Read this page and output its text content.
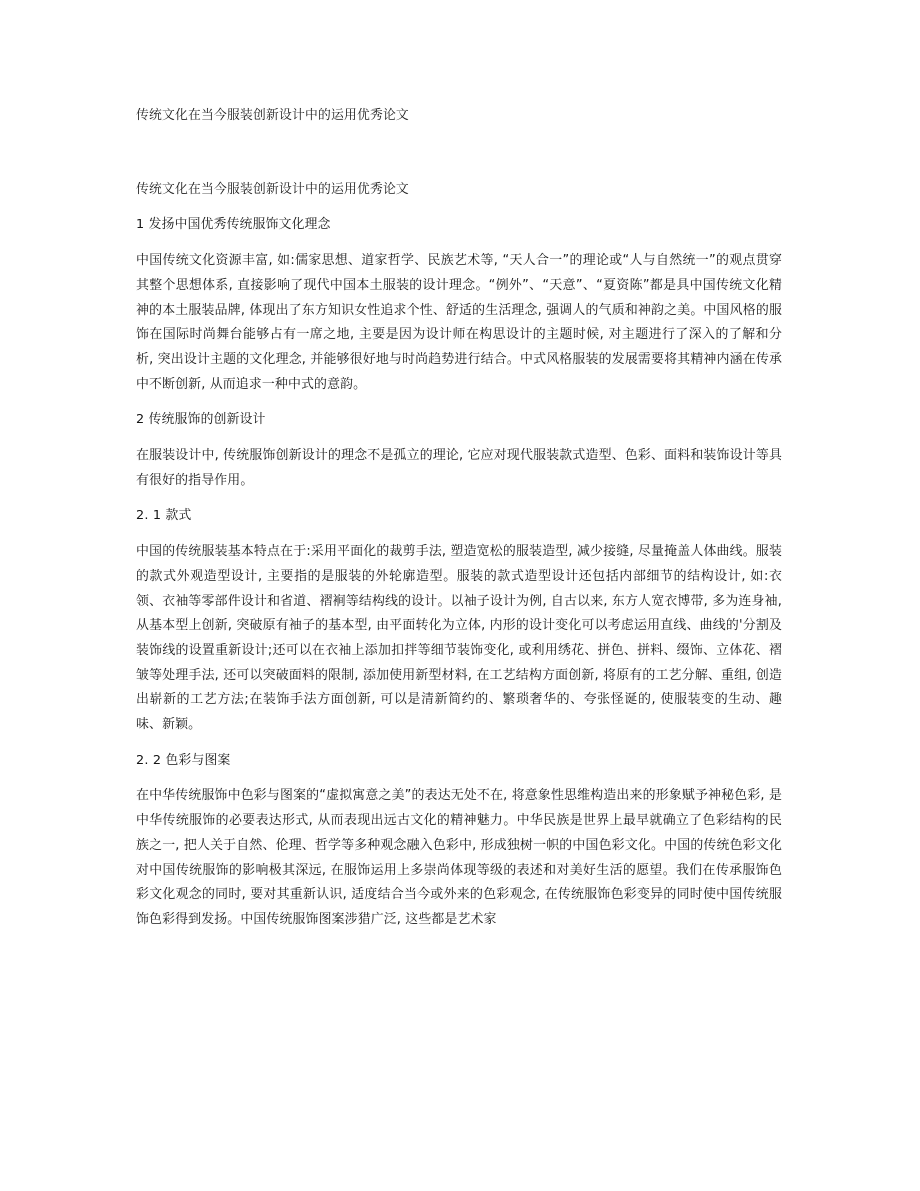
传统文化在当今服装创新设计中的运用优秀论文
传统文化在当今服装创新设计中的运用优秀论文
1 发扬中国优秀传统服饰文化理念

中国传统文化资源丰富, 如:儒家思想、道家哲学、民族艺术等, “天人合一”的理论或“人与自然统一”的观点贯穿其整个思想体系, 直接影响了现代中国本土服装的设计理念。“例外”、“天意”、“夏资陈”都是具中国传统文化精神的本土服装品牌, 体现出了东方知识女性追求个性、舒适的生活理念, 强调人的气质和神韵之美。中国风格的服饰在国际时尚舞台能够占有一席之地, 主要是因为设计师在构思设计的主题时候, 对主题进行了深入的了解和分析, 突出设计主题的文化理念, 并能够很好地与时尚趋势进行结合。中式风格服装的发展需要将其精神内涵在传承中不断创新, 从而追求一种中式的意韵。

2 传统服饰的创新设计

在服装设计中, 传统服饰创新设计的理念不是孤立的理论, 它应对现代服装款式造型、色彩、面料和装饰设计等具有很好的指导作用。

2. 1 款式

中国的传统服装基本特点在于:采用平面化的裁剪手法, 塑造宽松的服装造型, 减少接缝, 尽量掩盖人体曲线。服装的款式外观造型设计, 主要指的是服装的外轮廓造型。服装的款式造型设计还包括内部细节的结构设计, 如:衣领、衣袖等零部件设计和省道、褶裥等结构线的设计。以袖子设计为例, 自古以来, 东方人宽衣博带, 多为连身袖, 从基本型上创新, 突破原有袖子的基本型, 由平面转化为立体, 内形的设计变化可以考虑运用直线、曲线的'分割及装饰线的设置重新设计;还可以在衣袖上添加扣拌等细节装饰变化, 或利用绣花、拼色、拼料、缀饰、立体花、褶皱等处理手法, 还可以突破面料的限制, 添加使用新型材料, 在工艺结构方面创新, 将原有的工艺分解、重组, 创造出崭新的工艺方法;在装饰手法方面创新, 可以是清新简约的、繁琐奢华的、夸张怪诞的, 使服装变的生动、趣味、新颖。

2. 2 色彩与图案

在中华传统服饰中色彩与图案的“虚拟寓意之美”的表达无处不在, 将意象性思维构造出来的形象赋予神秘色彩, 是中华传统服饰的必要表达形式, 从而表现出远古文化的精神魅力。中华民族是世界上最早就确立了色彩结构的民族之一, 把人关于自然、伦理、哲学等多种观念融入色彩中, 形成独树一帜的中国色彩文化。中国的传统色彩文化对中国传统服饰的影响极其深远, 在服饰运用上多崇尚体现等级的表述和对美好生活的愿望。我们在传承服饰色彩文化观念的同时, 要对其重新认识, 适度结合当今或外来的色彩观念, 在传统服饰色彩变异的同时使中国传统服饰色彩得到发扬。中国传统服饰图案涉猎广泛, 这些都是艺术家
